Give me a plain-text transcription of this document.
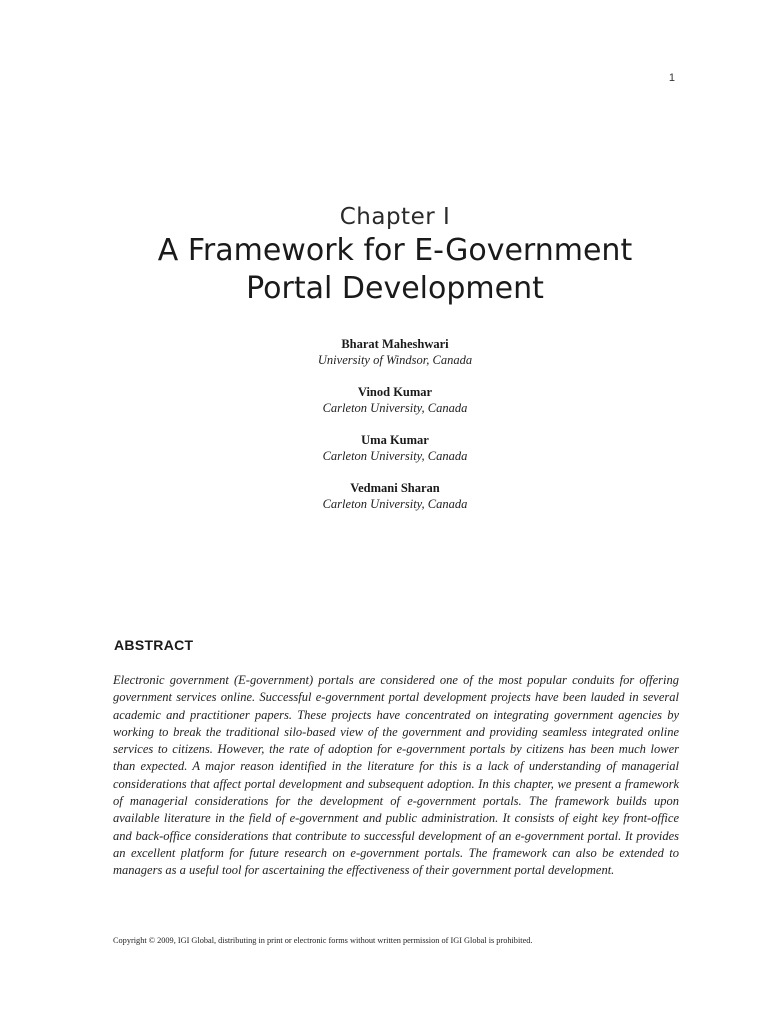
1
Chapter I
A Framework for E-Government
Portal Development
Bharat Maheshwari
University of Windsor, Canada
Vinod Kumar
Carleton University, Canada
Uma Kumar
Carleton University, Canada
Vedmani Sharan
Carleton University, Canada
ABSTRACT

Electronic government (E-government) portals are considered one of the most popular conduits for offering government services online. Successful e-government portal development projects have been lauded in several academic and practitioner papers. These projects have concentrated on integrating government agencies by working to break the traditional silo-based view of the government and providing seamless integrated online services to citizens. However, the rate of adoption for e-government portals by citizens has been much lower than expected. A major reason identified in the literature for this is a lack of understanding of managerial considerations that affect portal development and subsequent adoption. In this chapter, we present a framework of managerial considerations for the development of e-government portals. The framework builds upon available literature in the field of e-government and public administration. It consists of eight key front-office and back-office considerations that contribute to successful development of an e-government portal. It provides an excellent platform for future research on e-government portals. The framework can also be extended to managers as a useful tool for ascertaining the effectiveness of their government portal development.

Copyright © 2009, IGI Global, distributing in print or electronic forms without written permission of IGI Global is prohibited.
